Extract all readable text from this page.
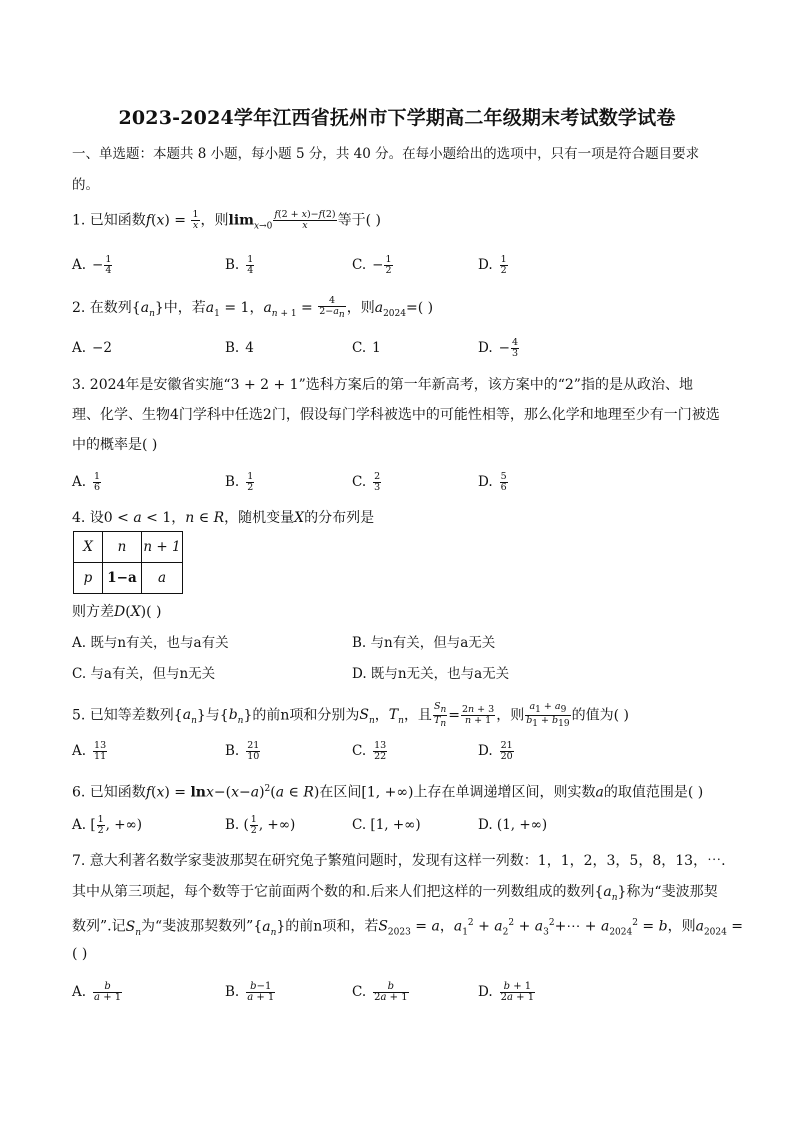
2023-2024学年江西省抚州市下学期高二年级期末考试数学试卷
一、单选题：本题共 8 小题，每小题 5 分，共 40 分。在每小题给出的选项中，只有一项是符合题目要求
的。
1. 已知函数$f(x) = \frac{1}{x}$ ，则$\lim_{x\to 0} \frac{f(2 + x)-f(2)}{x}$ 等于( )
A. − $\frac{1}{4}$	B. $\frac{1}{4}$	C. − $\frac{1}{2}$	D. $\frac{1}{2}$
2. 在数列$\{a_n\}$中，若$a_1 = 1$，$a_{n + 1} = \frac{4}{2-a_n}$ ，则$a_{2024}=$( )
A. −2	B. 4	C. 1	D. − $\frac{4}{3}$
3. 2024年是安徽省实施“3 + 2 + 1”选科方案后的第一年新高考，该方案中的“2”指的是从政治、地
理、化学、生物4门学科中任选2门，假设每门学科被选中的可能性相等，那么化学和地理至少有一门被选
中的概率是( )
A. $\frac{1}{6}$	B. $\frac{1}{2}$	C. $\frac{2}{3}$	D. $\frac{5}{6}$
4. 设0 < a < 1，n ∈ R，随机变量X的分布列是
X	n	n + 1
p	1−a	a
则方差D(X)( )
A. 既与n有关，也与a有关	B. 与n有关，但与a无关
C. 与a有关，但与n无关	D. 既与n无关，也与a无关
5. 已知等差数列$\{a_n\}$与$\{b_n\}$的前n项和分别为$S_n$，$T_n$，且 $\frac{S_n}{T_n} = \frac{2n + 3}{n + 1}$ ，则 $\frac{a_1 + a_9}{b_1 + b_{19}}$ 的值为( )
A. $\frac{13}{11}$	B. $\frac{21}{10}$	C. $\frac{13}{22}$	D. $\frac{21}{20}$
6. 已知函数$f(x) = \ln x-(x-a)^2(a$ ∈ R)在区间[1, +∞)上存在单调递增区间，则实数a的取值范围是( )
A. [ $\frac{1}{2}$ , +∞)	B. ( $\frac{1}{2}$ , +∞)	C. [1, +∞)	D. (1, +∞)
7. 意大利著名数学家斐波那契在研究兔子繁殖问题时，发现有这样一列数：1，1，2，3，5，8，13，⋯.
其中从第三项起，每个数等于它前面两个数的和.后来人们把这样的一列数组成的数列$\{a_n\}$称为“斐波那契
数列”.记$S_n$为“斐波那契数列$”\{a_n\}$的前n项和，若$S_{2023} = a$，$a_1^2 + a_2^2$ + $a_3^2+\cdots + a_{2024}^2 = b$，则$a_{2024}$ =
( )
A. $\frac{b}{a + 1}$	B. $\frac{b-1}{a + 1}$	C. $\frac{b}{2a + 1}$	D. $\frac{b + 1}{2a + 1}$
